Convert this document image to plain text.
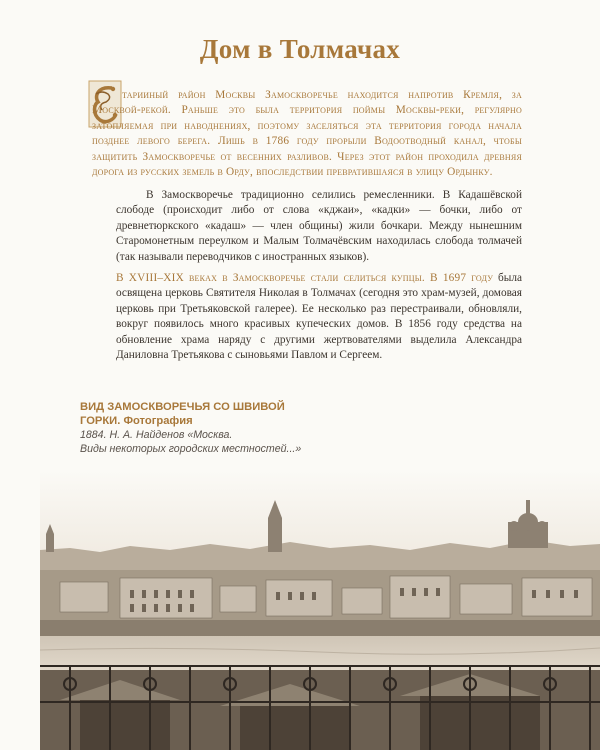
Дом в Толмачах

тарииный район Москвы Замоскворечье находится напротив Кремля, за Москвой-рекой. Раньше это была территория поймы Москвы-реки, регулярно затопляемая при наводнениях, поэтому заселяться эта территория города начала позднее левого берега. Лишь в 1786 году прорыли Водоотводный канал, чтобы защитить Замоскворечье от весенних разливов. Через этот район проходила древняя дорога из русских земель в Орду, впоследствии превратившаяся в улицу Ордынку.

В Замоскворечье традиционно селились ремесленники. В Кадашёвской слободе (происходит либо от слова «кджаи», «кадки» — бочки, либо от древнетюркского «кадаш» — член общины) жили бочкари. Между нынешним Старомонетным переулком и Малым Толмачёвским находилась слобода толмачей (так называли переводчиков с иностранных языков).

В XVIII–XIX веках в Замоскворечье стали селиться купцы. В 1697 году была освящена церковь Святителя Николая в Толмачах (сегодня это храм-музей, домовая церковь при Третьяковской галерее). Ее несколько раз перестраивали, обновляли, вокруг появилось много красивых купеческих домов. В 1856 году средства на обновление храма наряду с другими жертвователями выделила Александра Даниловна Третьякова с сыновьями Павлом и Сергеем.

ВИД ЗАМОСКВОРЕЧЬЯ СО ШВИВОЙ ГОРКИ. Фотография
1884. Н. А. Найденов «Москва.
Виды некоторых городских местностей...»
